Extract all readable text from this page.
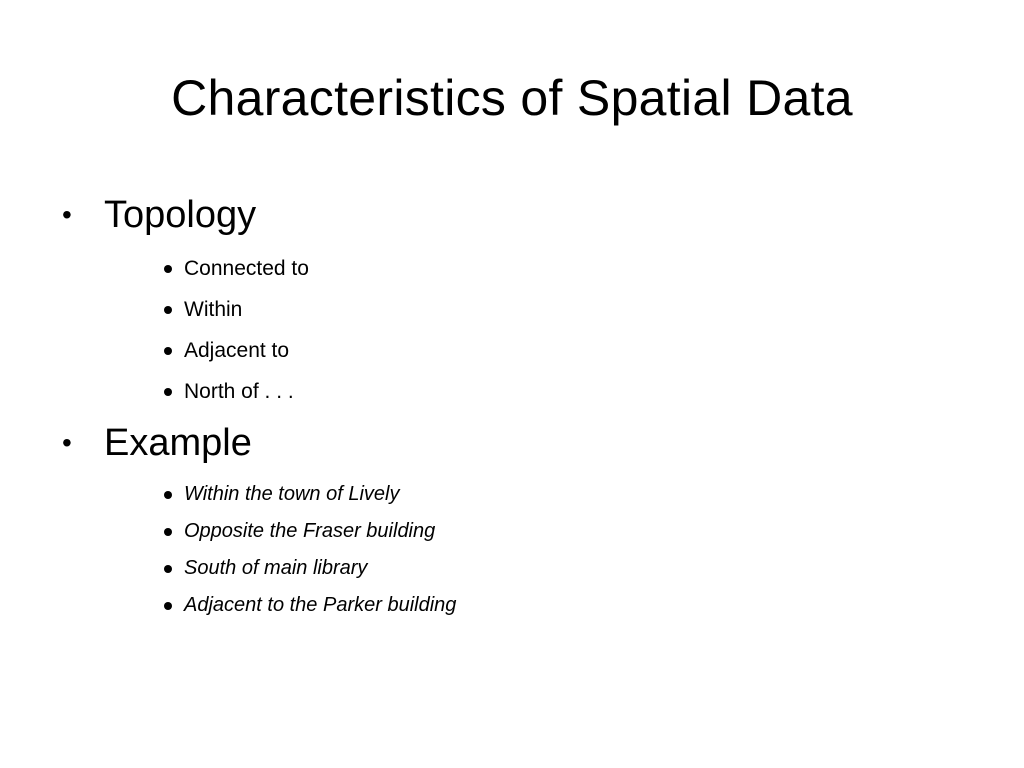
Characteristics of Spatial Data
• Topology
Connected to
Within
Adjacent to
North of . . .
• Example
Within the town of Lively
Opposite the Fraser building
South of main library
Adjacent to the Parker building
